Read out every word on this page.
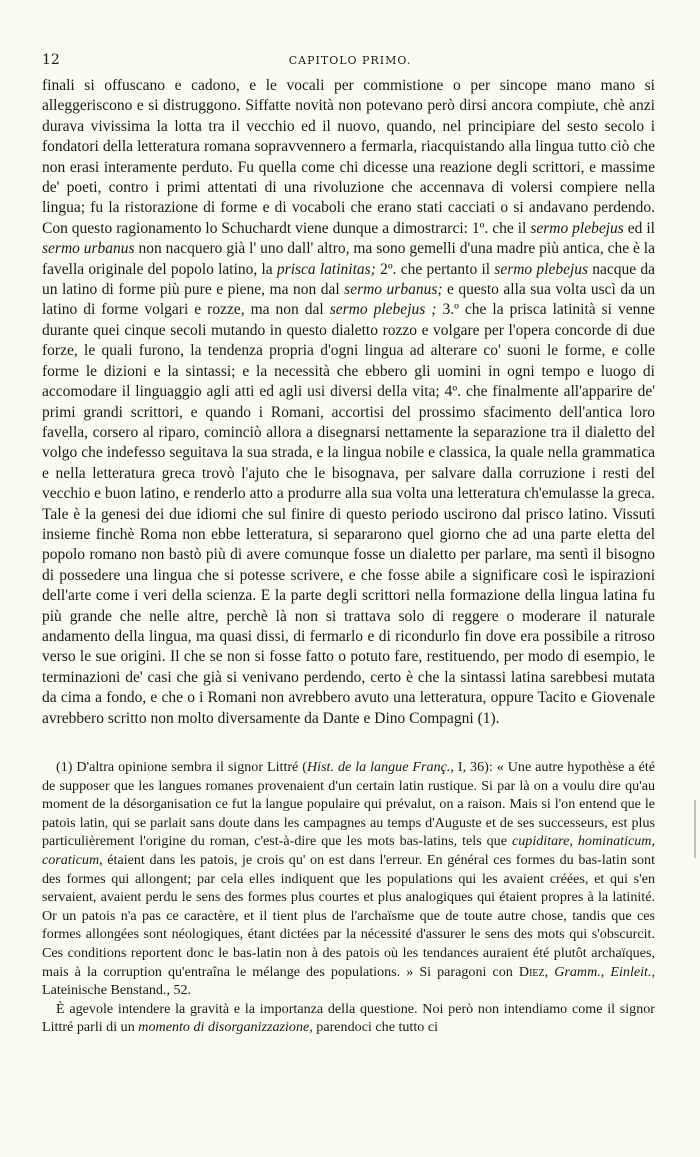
12	CAPITOLO PRIMO.

finali si offuscano e cadono, e le vocali per commistione o per sincope mano mano si alleggeriscono e si distruggono. Siffatte novità non potevano però dirsi ancora compiute, chè anzi durava vivissima la lotta tra il vecchio ed il nuovo, quando, nel principiare del sesto secolo i fondatori della letteratura romana sopravvennero a fermarla, riacquistando alla lingua tutto ciò che non erasi interamente perduto. Fu quella come chi dicesse una reazione degli scrittori, e massime de' poeti, contro i primi attentati di una rivoluzione che accennava di volersi compiere nella lingua; fu la ristorazione di forme e di vocaboli che erano stati cacciati o si andavano perdendo. Con questo ragionamento lo Schuchardt viene dunque a dimostrarci: 1º. che il sermo plebejus ed il sermo urbanus non nacquero già l' uno dall' altro, ma sono gemelli d'una madre più antica, che è la favella originale del popolo latino, la prisca latinitas; 2º. che pertanto il sermo plebejus nacque da un latino di forme più pure e piene, ma non dal sermo urbanus; e questo alla sua volta uscì da un latino di forme volgari e rozze, ma non dal sermo plebejus ; 3.º che la prisca latinità si venne durante quei cinque secoli mutando in questo dialetto rozzo e volgare per l'opera concorde di due forze, le quali furono, la tendenza propria d'ogni lingua ad alterare co' suoni le forme, e colle forme le dizioni e la sintassi; e la necessità che ebbero gli uomini in ogni tempo e luogo di accomodare il linguaggio agli atti ed agli usi diversi della vita; 4º. che finalmente all'apparire de' primi grandi scrittori, e quando i Romani, accortisi del prossimo sfacimento dell'antica loro favella, corsero al riparo, cominciò allora a disegnarsi nettamente la separazione tra il dialetto del volgo che indefesso seguitava la sua strada, e la lingua nobile e classica, la quale nella grammatica e nella letteratura greca trovò l'ajuto che le bisognava, per salvare dalla corruzione i resti del vecchio e buon latino, e renderlo atto a produrre alla sua volta una letteratura ch'emulasse la greca. Tale è la genesi dei due idiomi che sul finire di questo periodo uscirono dal prisco latino. Vissuti insieme finchè Roma non ebbe letteratura, si separarono quel giorno che ad una parte eletta del popolo romano non bastò più di avere comunque fosse un dialetto per parlare, ma sentì il bisogno di possedere una lingua che si potesse scrivere, e che fosse abile a significare così le ispirazioni dell'arte come i veri della scienza. E la parte degli scrittori nella formazione della lingua latina fu più grande che nelle altre, perchè là non si trattava solo di reggere o moderare il naturale andamento della lingua, ma quasi dissi, di fermarlo e di ricondurlo fin dove era possibile a ritroso verso le sue origini. Il che se non si fosse fatto o potuto fare, restituendo, per modo di esempio, le terminazioni de' casi che già si venivano perdendo, certo è che la sintassi latina sarebbesi mutata da cima a fondo, e che o i Romani non avrebbero avuto una letteratura, oppure Tacito e Giovenale avrebbero scritto non molto diversamente da Dante e Dino Compagni (1).

(1) D'altra opinione sembra il signor Littré (Hist. de la langue Franç., I, 36): « Une autre hypothèse a été de supposer que les langues romanes provenaient d'un certain latin rustique. Si par là on a voulu dire qu'au moment de la désorganisation ce fut la langue populaire qui prévalut, on a raison. Mais si l'on entend que le patois latin, qui se parlait sans doute dans les campagnes au temps d'Auguste et de ses successeurs, est plus particulièrement l'origine du roman, c'est-à-dire que les mots bas-latins, tels que cupiditare, hominaticum, coraticum, étaient dans les patois, je crois qu' on est dans l'erreur. En général ces formes du bas-latin sont des formes qui allongent; par cela elles indiquent que les populations qui les avaient créées, et qui s'en servaient, avaient perdu le sens des formes plus courtes et plus analogiques qui étaient propres à la latinité. Or un patois n'a pas ce caractère, et il tient plus de l'archaïsme que de toute autre chose, tandis que ces formes allongées sont néologiques, étant dictées par la nécessité d'assurer le sens des mots qui s'obscurcit. Ces conditions reportent donc le bas-latin non à des patois où les tendances auraient été plutôt archaïques, mais à la corruption qu'entraîna le mélange des populations. » Si paragoni con Diez, Gramm., Einleit., Lateinische Benstand., 52.

È agevole intendere la gravità e la importanza della questione. Noi però non intendiamo come il signor Littré parli di un momento di disorganizzazione, parendoci che tutto ci
